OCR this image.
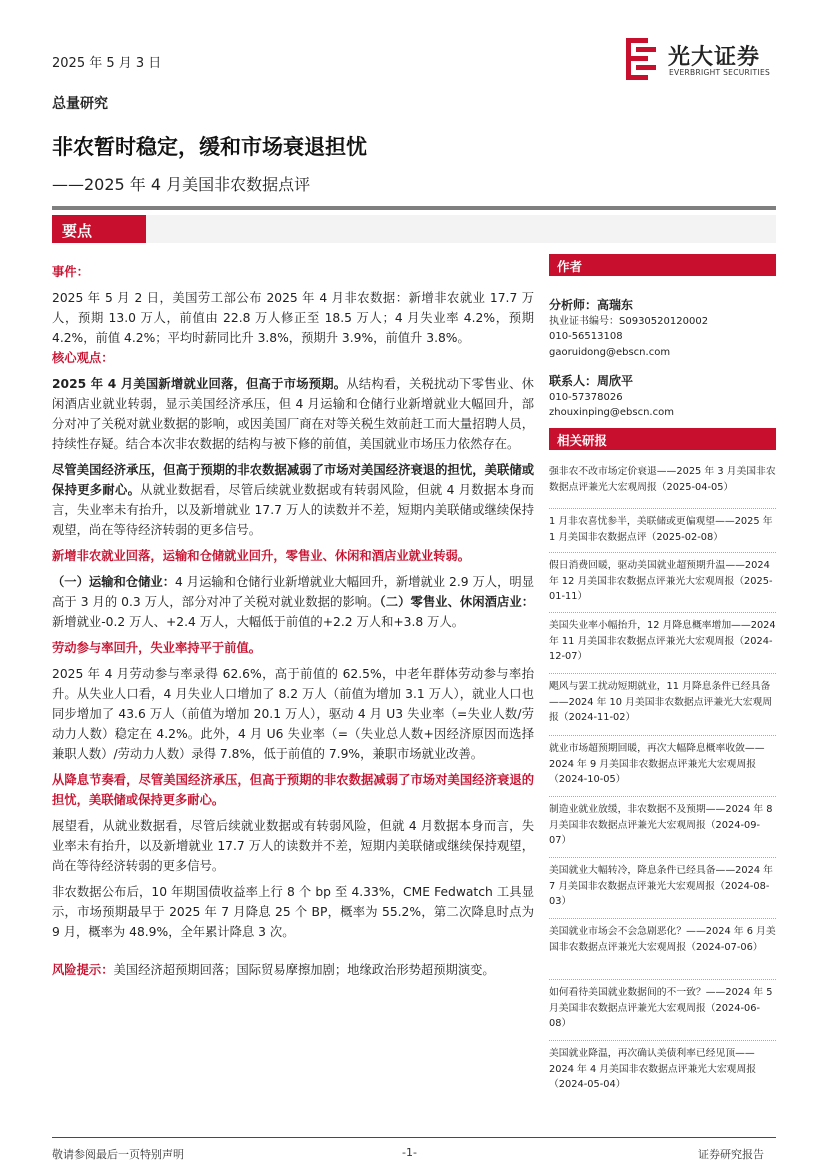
2025 年 5 月 3 日	光大证券
EVERBRIGHT SECURITIES
总量研究
非农暂时稳定，缓和市场衰退担忧
——2025 年 4 月美国非农数据点评
要点

事件：

2025 年 5 月 2 日，美国劳工部公布 2025 年 4 月非农数据：新增非农就业 17.7 万人，预期 13.0 万人，前值由 22.8 万人修正至 18.5 万人；4 月失业率 4.2%，预期 4.2%，前值 4.2%；平均时薪同比升 3.8%，预期升 3.9%，前值升 3.8%。

核心观点：

2025 年 4 月美国新增就业回落，但高于市场预期。从结构看，关税扰动下零售业、休闲酒店业就业转弱，显示美国经济承压，但 4 月运输和仓储行业新增就业大幅回升，部分对冲了关税对就业数据的影响，或因美国厂商在对等关税生效前赶工而大量招聘人员，持续性存疑。结合本次非农数据的结构与被下修的前值，美国就业市场压力依然存在。

尽管美国经济承压，但高于预期的非农数据减弱了市场对美国经济衰退的担忧，美联储或保持更多耐心。从就业数据看，尽管后续就业数据或有转弱风险，但就 4 月数据本身而言，失业率未有抬升，以及新增就业 17.7 万人的读数并不差，短期内美联储或继续保持观望，尚在等待经济转弱的更多信号。

新增非农就业回落，运输和仓储就业回升，零售业、休闲和酒店业就业转弱。

（一）运输和仓储业：4 月运输和仓储行业新增就业大幅回升，新增就业 2.9 万人，明显高于 3 月的 0.3 万人，部分对冲了关税对就业数据的影响。（二）零售业、休闲酒店业：新增就业-0.2 万人、+2.4 万人，大幅低于前值的+2.2 万人和+3.8 万人。

劳动参与率回升，失业率持平于前值。

2025 年 4 月劳动参与率录得 62.6%，高于前值的 62.5%，中老年群体劳动参与率抬升。从失业人口看，4 月失业人口增加了 8.2 万人（前值为增加 3.1 万人），就业人口也同步增加了 43.6 万人（前值为增加 20.1 万人），驱动 4 月 U3 失业率（=失业人数/劳动力人数）稳定在 4.2%。此外，4 月 U6 失业率（=（失业总人数+因经济原因而选择兼职人数）/劳动力人数）录得 7.8%，低于前值的 7.9%，兼职市场就业改善。

从降息节奏看，尽管美国经济承压，但高于预期的非农数据减弱了市场对美国经济衰退的担忧，美联储或保持更多耐心。

展望看，从就业数据看，尽管后续就业数据或有转弱风险，但就 4 月数据本身而言，失业率未有抬升，以及新增就业 17.7 万人的读数并不差，短期内美联储或继续保持观望，尚在等待经济转弱的更多信号。

非农数据公布后，10 年期国债收益率上行 8 个 bp 至 4.33%，CME Fedwatch 工具显示，市场预期最早于 2025 年 7 月降息 25 个 BP，概率为 55.2%，第二次降息时点为 9 月，概率为 48.9%，全年累计降息 3 次。

风险提示：美国经济超预期回落；国际贸易摩擦加剧；地缘政治形势超预期演变。

作者
分析师：高瑞东
执业证书编号：S0930520120002
010-56513108
gaoruidong@ebscn.com
联系人：周欣平
010-57378026
zhouxinping@ebscn.com
相关研报
强非农不改市场定价衰退——2025 年 3 月美国非农数据点评兼光大宏观周报（2025-04-05）
1 月非农喜忧参半，美联储或更偏观望——2025 年 1 月美国非农数据点评（2025-02-08）
假日消费回暖，驱动美国就业超预期升温——2024 年 12 月美国非农数据点评兼光大宏观周报（2025-01-11）
美国失业率小幅抬升，12 月降息概率增加——2024 年 11 月美国非农数据点评兼光大宏观周报（2024-12-07）
飓风与罢工扰动短期就业，11 月降息条件已经具备——2024 年 10 月美国非农数据点评兼光大宏观周报（2024-11-02）
就业市场超预期回暖，再次大幅降息概率收敛——2024 年 9 月美国非农数据点评兼光大宏观周报（2024-10-05）
制造业就业放缓，非农数据不及预期——2024 年 8 月美国非农数据点评兼光大宏观周报（2024-09-07）
美国就业大幅转冷，降息条件已经具备——2024 年 7 月美国非农数据点评兼光大宏观周报（2024-08-03）
美国就业市场会不会急剧恶化？——2024 年 6 月美国非农数据点评兼光大宏观周报（2024-07-06）
如何看待美国就业数据间的不一致？——2024 年 5 月美国非农数据点评兼光大宏观周报（2024-06-08）
美国就业降温，再次确认美债利率已经见顶——2024 年 4 月美国非农数据点评兼光大宏观周报（2024-05-04）
敬请参阅最后一页特别声明	-1-	证券研究报告
